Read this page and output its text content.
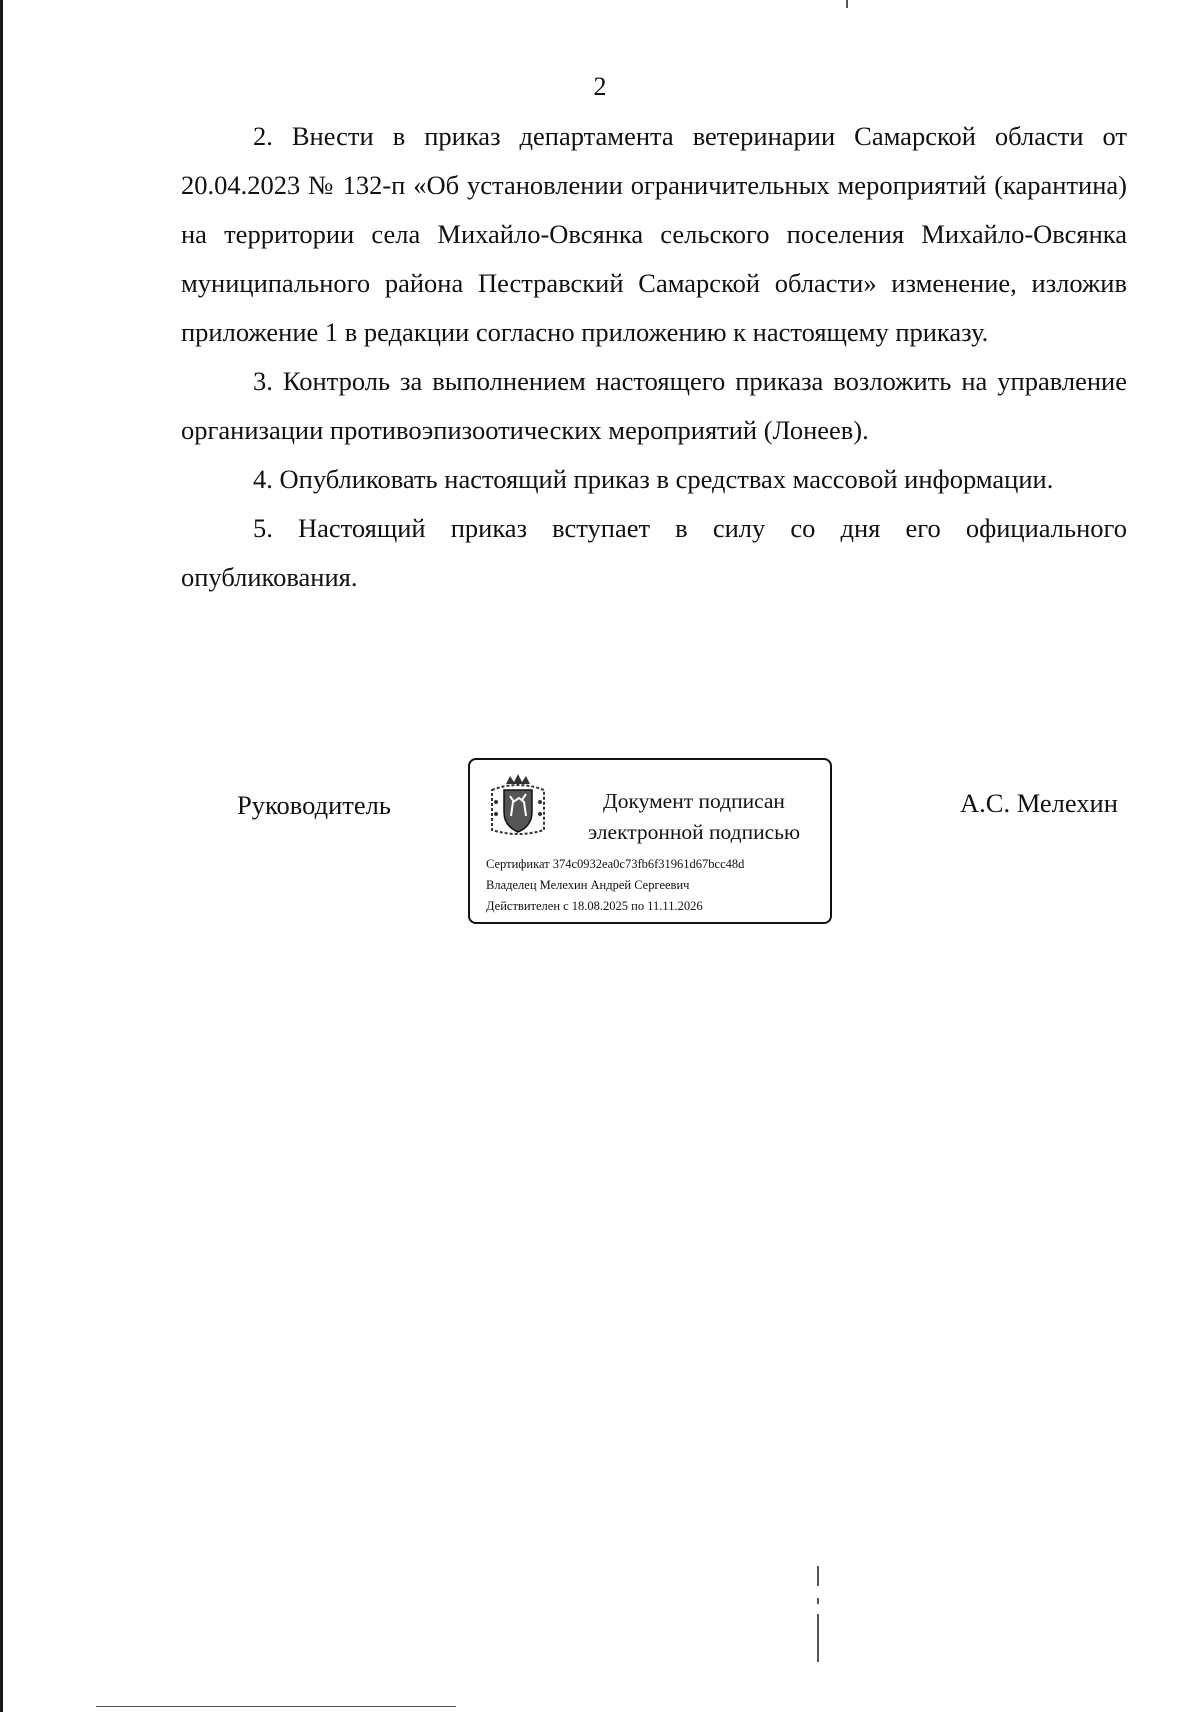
2

2. Внести в приказ департамента ветеринарии Самарской области от 20.04.2023 № 132-п «Об установлении ограничительных мероприятий (карантина) на территории села Михайло-Овсянка сельского поселения Михайло-Овсянка муниципального района Пестравский Самарской области» изменение, изложив приложение 1 в редакции согласно приложению к настоящему приказу.

3. Контроль за выполнением настоящего приказа возложить на управление организации противоэпизоотических мероприятий (Лонеев).

4. Опубликовать настоящий приказ в средствах массовой информации.

5. Настоящий приказ вступает в силу со дня его официального опубликования.

Руководитель	Документ подписан
электронной подписью
Сертификат 374c0932ea0c73fb6f31961d67bcc48d
Владелец Мелехин Андрей Сергеевич
Действителен с 18.08.2025 по 11.11.2026
А.С. Мелехин
